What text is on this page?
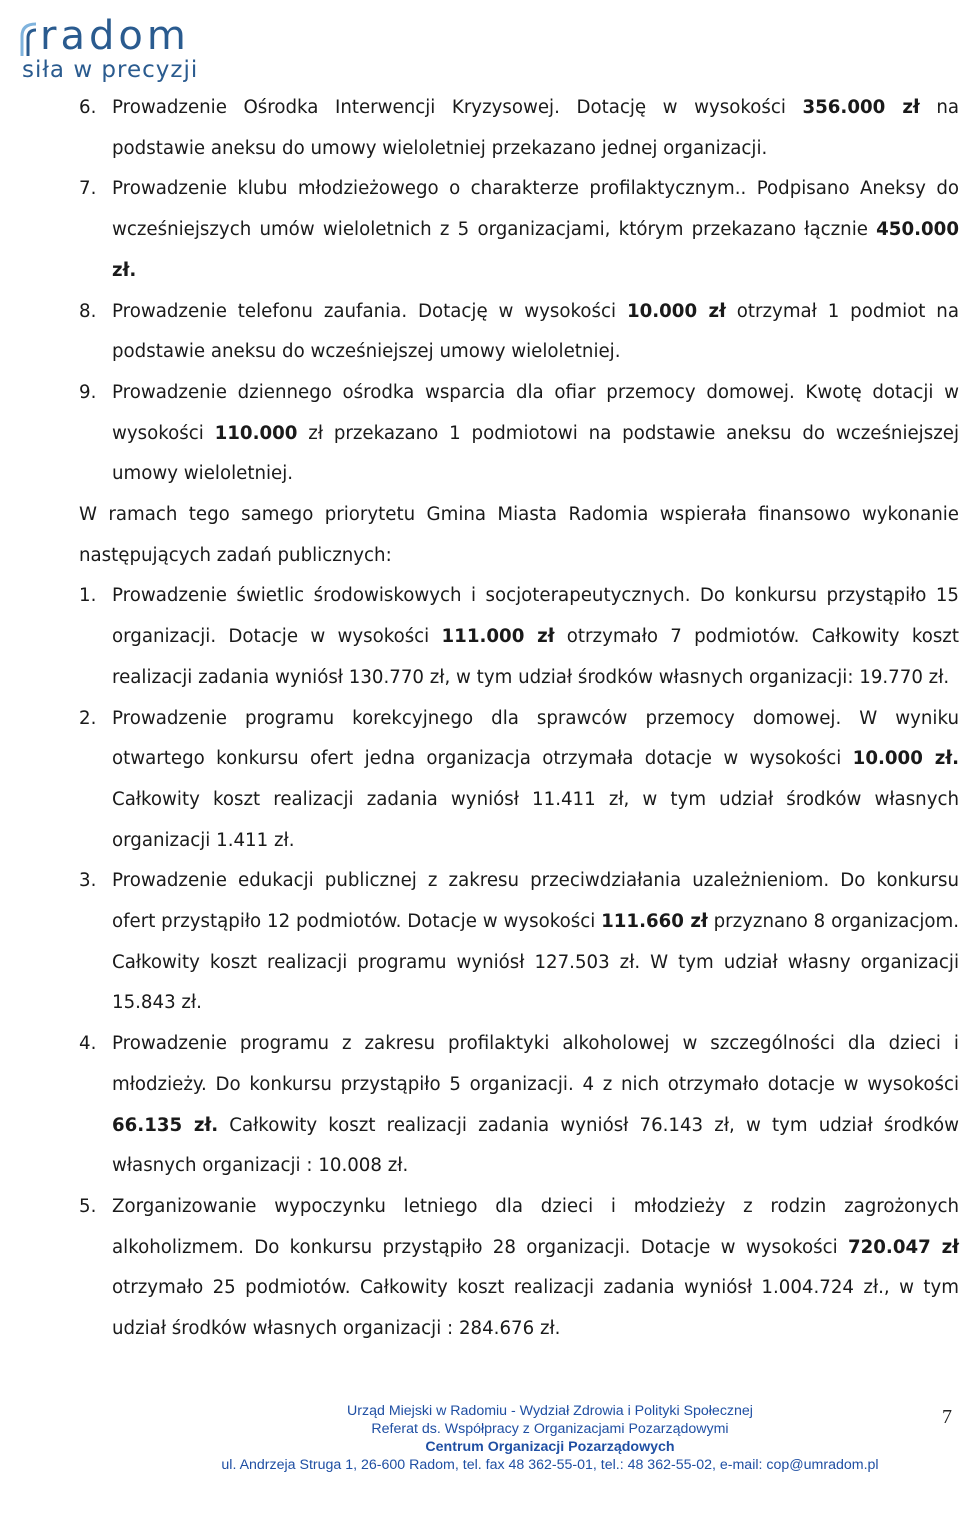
radom
siła w precyzji
6. Prowadzenie Ośrodka Interwencji Kryzysowej. Dotację w wysokości 356.000 zł na podstawie aneksu do umowy wieloletniej przekazano jednej organizacji.
7. Prowadzenie klubu młodzieżowego o charakterze profilaktycznym.. Podpisano Aneksy do wcześniejszych umów wieloletnich z 5 organizacjami, którym przekazano łącznie 450.000 zł.
8. Prowadzenie telefonu zaufania. Dotację w wysokości 10.000 zł otrzymał 1 podmiot na podstawie aneksu do wcześniejszej umowy wieloletniej.
9. Prowadzenie dziennego ośrodka wsparcia dla ofiar przemocy domowej. Kwotę dotacji w wysokości 110.000 zł przekazano 1 podmiotowi na podstawie aneksu do wcześniejszej umowy wieloletniej.
W ramach tego samego priorytetu Gmina Miasta Radomia wspierała finansowo wykonanie następujących zadań publicznych:
1. Prowadzenie świetlic środowiskowych i socjoterapeutycznych. Do konkursu przystąpiło 15 organizacji. Dotacje w wysokości 111.000 zł otrzymało 7 podmiotów. Całkowity koszt realizacji zadania wyniósł 130.770 zł, w tym udział środków własnych organizacji: 19.770 zł.
2. Prowadzenie programu korekcyjnego dla sprawców przemocy domowej. W wyniku otwartego konkursu ofert jedna organizacja otrzymała dotacje w wysokości 10.000 zł. Całkowity koszt realizacji zadania wyniósł 11.411 zł, w tym udział środków własnych organizacji 1.411 zł.
3. Prowadzenie edukacji publicznej z zakresu przeciwdziałania uzależnieniom. Do konkursu ofert przystąpiło 12 podmiotów. Dotacje w wysokości 111.660 zł przyznano 8 organizacjom. Całkowity koszt realizacji programu wyniósł 127.503 zł. W tym udział własny organizacji 15.843 zł.
4. Prowadzenie programu z zakresu profilaktyki alkoholowej w szczególności dla dzieci i młodzieży. Do konkursu przystąpiło 5 organizacji. 4 z nich otrzymało dotacje w wysokości 66.135 zł. Całkowity koszt realizacji zadania wyniósł 76.143 zł, w tym udział środków własnych organizacji : 10.008 zł.
5. Zorganizowanie wypoczynku letniego dla dzieci i młodzieży z rodzin zagrożonych alkoholizmem. Do konkursu przystąpiło 28 organizacji. Dotacje w wysokości 720.047 zł otrzymało 25 podmiotów. Całkowity koszt realizacji zadania wyniósł 1.004.724 zł., w tym udział środków własnych organizacji : 284.676 zł.
Urząd Miejski w Radomiu - Wydział Zdrowia i Polityki Społecznej
Referat ds. Współpracy z Organizacjami Pozarządowymi
Centrum Organizacji Pozarządowych
ul. Andrzeja Struga 1, 26-600 Radom, tel. fax 48 362-55-01, tel.: 48 362-55-02, e-mail: cop@umradom.pl
7
